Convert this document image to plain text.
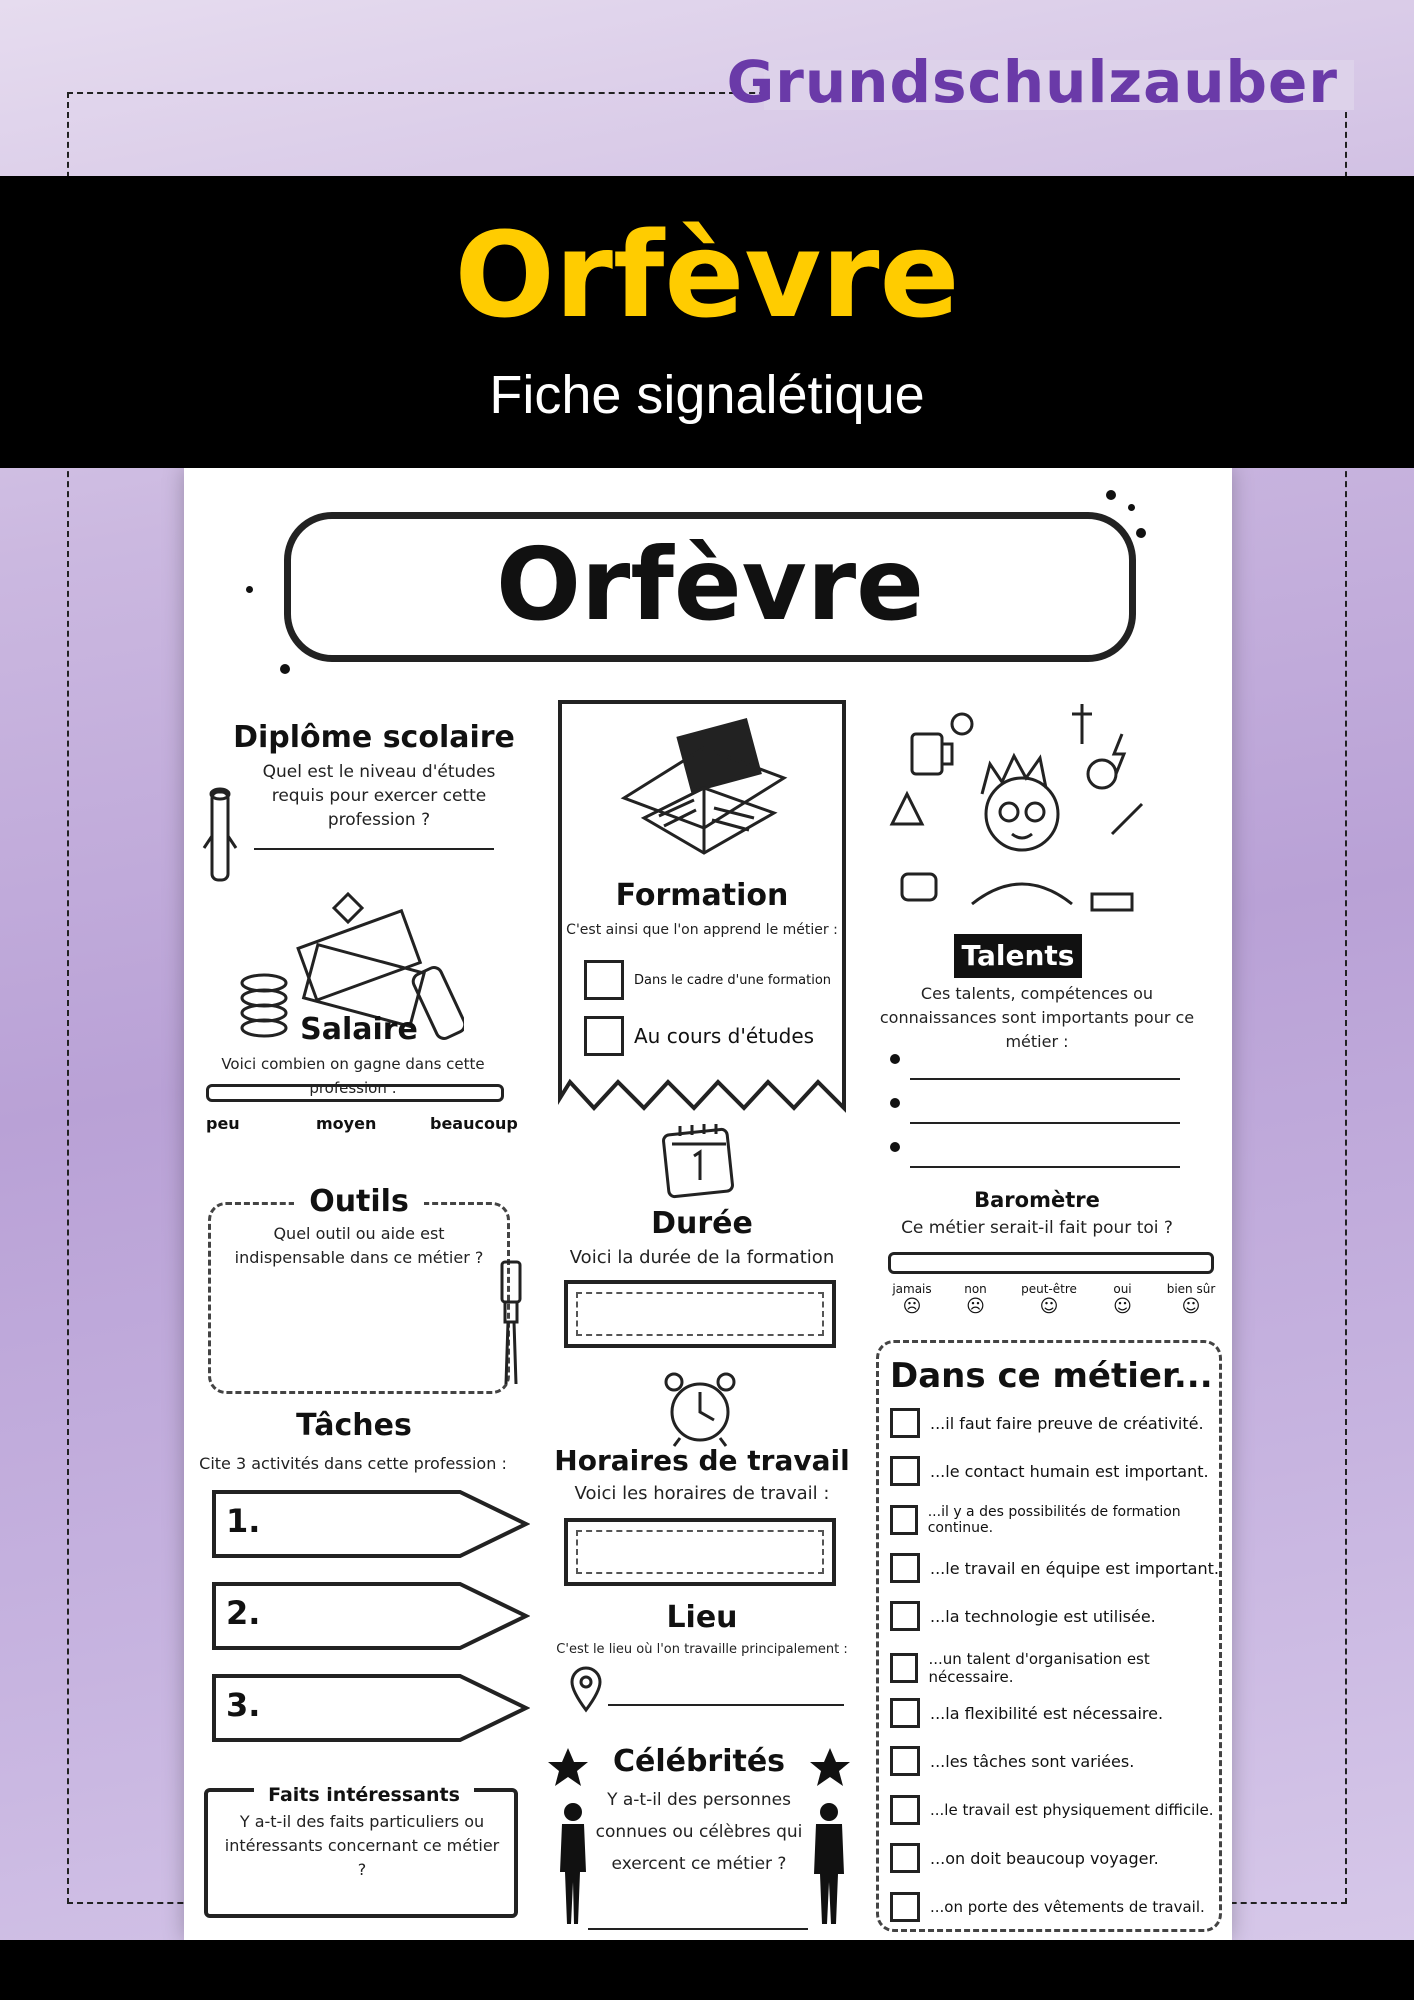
Grundschulzauber
Orfèvre
Fiche signalétique
Orfèvre
Diplôme scolaire
Quel est le niveau d'études requis pour exercer cette profession ?
Salaire
Voici combien on gagne dans cette profession :
peu	moyen	beaucoup
Outils
Quel outil ou aide est indispensable dans ce métier ?
Tâches
Cite 3 activités dans cette profession :
1.
2.
3.
Faits intéressants
Y a-t-il des faits particuliers ou intéressants concernant ce métier ?
Formation
C'est ainsi que l'on apprend le métier :
Dans le cadre d'une formation
Au cours d'études
Durée
Voici la durée de la formation
Horaires de travail
Voici les horaires de travail :
Lieu
C'est le lieu où l'on travaille principalement :
Célébrités
Y a-t-il des personnes connues ou célèbres qui exercent ce métier ?
Talents
Ces talents, compétences ou connaissances sont importants pour ce métier :
Baromètre
Ce métier serait-il fait pour toi ?
jamais
☹
non
☹
peut-être
☺
oui
☺
bien sûr
☺
Dans ce métier...
...il faut faire preuve de créativité.
...le contact humain est important.
...il y a des possibilités de formation continue.
...le travail en équipe est important.
...la technologie est utilisée.
...un talent d'organisation est nécessaire.
...la flexibilité est nécessaire.
...les tâches sont variées.
...le travail est physiquement difficile.
...on doit beaucoup voyager.
...on porte des vêtements de travail.
